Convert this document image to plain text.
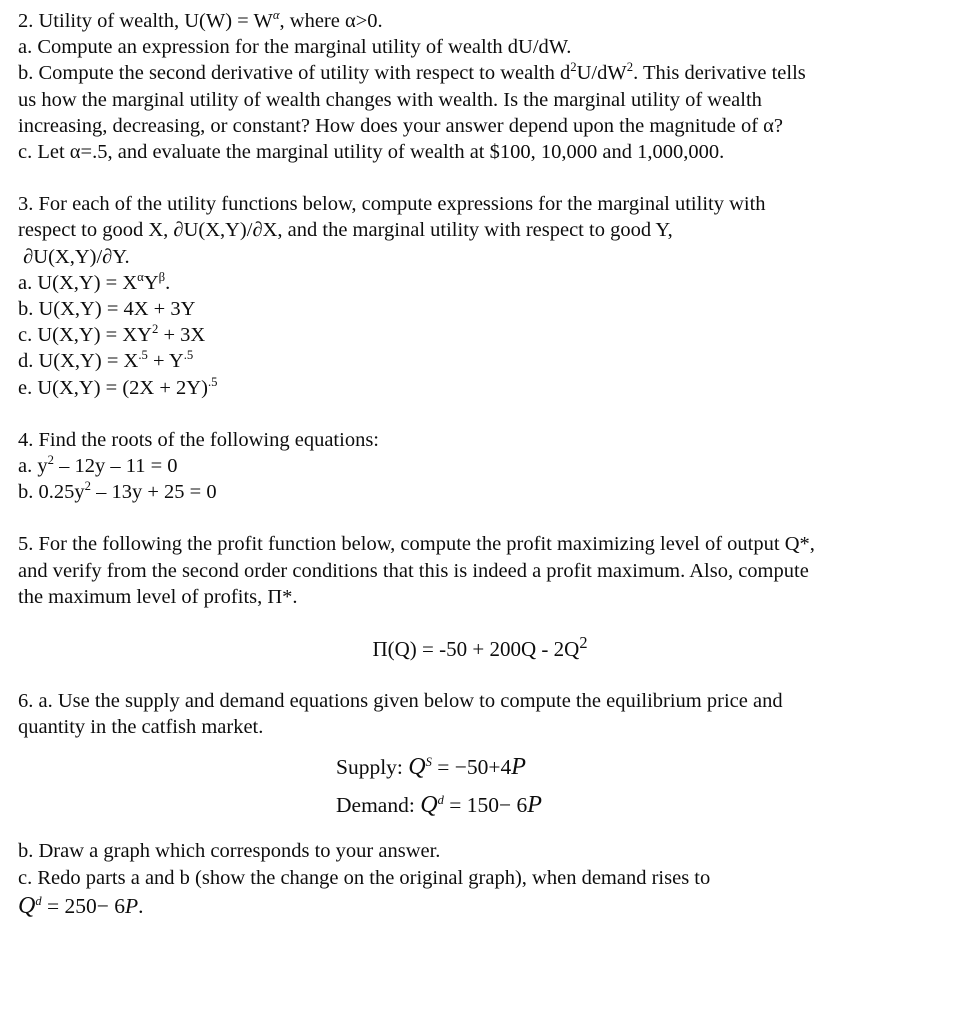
2. Utility of wealth, $U(W) = W^\alpha$, where α>0.
a. Compute an expression for the marginal utility of wealth dU/dW.
b. Compute the second derivative of utility with respect to wealth $d^2U/dW^2$. This derivative tells
us how the marginal utility of wealth changes with wealth. Is the marginal utility of wealth
increasing, decreasing, or constant? How does your answer depend upon the magnitude of α?
c. Let α=.5, and evaluate the marginal utility of wealth at $100, 10,000 and 1,000,000.
3. For each of the utility functions below, compute expressions for the marginal utility with
respect to good X, ∂U(X,Y)/∂X, and the marginal utility with respect to good Y,
∂U(X,Y)/∂Y.
a. $U(X,Y) = X^\alpha Y^\beta$.
b. U(X,Y) = 4X + 3Y
c. $U(X,Y) = XY^2 + 3X$
d. $U(X,Y) = X^{.5} + Y^{.5}$
e. $U(X,Y) = (2X + 2Y)^{.5}$
4. Find the roots of the following equations:
a. $y^2 - 12y - 11 = 0$
b. $0.25y^2 - 13y + 25 = 0$
5. For the following the profit function below, compute the profit maximizing level of output Q*,
and verify from the second order conditions that this is indeed a profit maximum. Also, compute
the maximum level of profits, Π*.
$\Pi(Q) = -50 + 200Q - 2Q^2$
6. a. Use the supply and demand equations given below to compute the equilibrium price and
quantity in the catfish market.
Supply: $Q^S = -50+4P$
Demand: $Q^d = 150- 6P$
b. Draw a graph which corresponds to your answer.
c. Redo parts a and b (show the change on the original graph), when demand rises to
$Q^d = 250- 6P$.
